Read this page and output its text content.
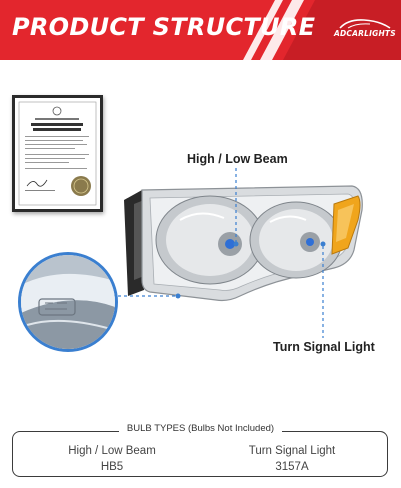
PRODUCT STRUCTURE ADCARLIGHTS
High / Low Beam
Turn Signal Light
BULB TYPES (Bulbs Not Included)
High / Low Beam
HB5
Turn Signal Light
3157A
